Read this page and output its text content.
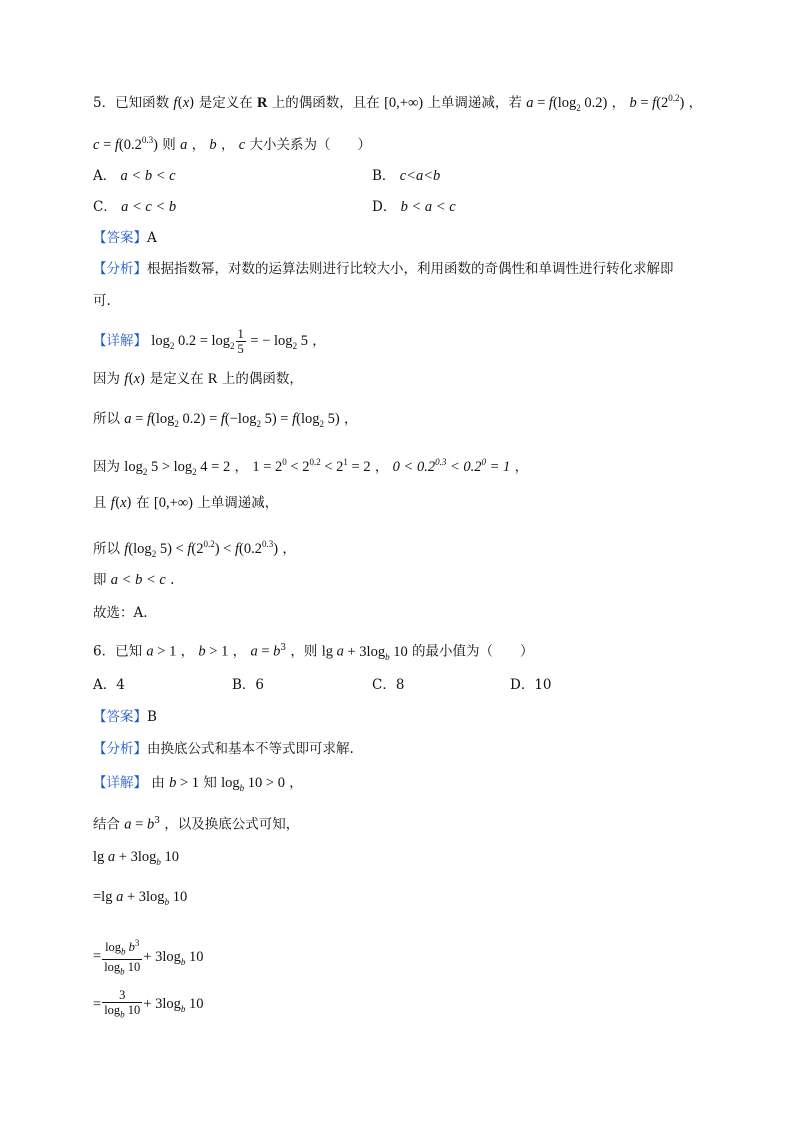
5．已知函数 f(x) 是定义在 R 上的偶函数，且在 [0,+∞) 上单调递减，若 $a = f(\log_2$ 0.2) ， $b = f(2^{0.2})$ ，
$c = f(0.2^{0.3})$ 则 a ， b ， c 大小关系为（　　）
A． a < b < c	B． c<a<b
C． a < c < b	D． b < a < c
【答案】A
【分析】根据指数幂，对数的运算法则进行比较大小，利用函数的奇偶性和单调性进行转化求解即
可.
【详解】 $\log_2 0.2 = \log_2 \frac{1}{5}$ = − $\log_2 5$ ，
因为 f(x) 是定义在 R 上的偶函数，
所以 $a = f(\log_2$ $0.2) = f(-\log_2$ $5) = f(\log_2$ 5) ，
因为 $\log_2 5 > \log_2 4 = 2$ ， $1 = 2^0 < 2^{0.2} < 2^1 = 2$ ， $0 < 0.2^{0.3} < 0.2^0 = 1$ ，
且 f(x) 在 [0,+∞) 上单调递减，
所以 $f(\log_2$ $5) < f(2^{0.2}) < f(0.2^{0.3})$ ，
即 a < b < c .
故选：A.
6．已知 a > 1 ， b > 1 ， $a = b^3$ ，则 $\lg a + 3\log_b$ 10 的最小值为（　　）
A．4	B．6	C．8	D．10
【答案】B
【分析】由换底公式和基本不等式即可求解.
【详解】 由 b > 1 知 $\log_b 10 > 0$ ，
结合 $a = b^3$ ，以及换底公式可知，
$\lg a + 3\log_b$ 10
=lg $a + 3\log_b$ 10
= $\frac{\log_b b^3}{\log_b 10} + 3\log_b$ 10
= $\frac{3}{\log_b 10} + 3\log_b$ 10
